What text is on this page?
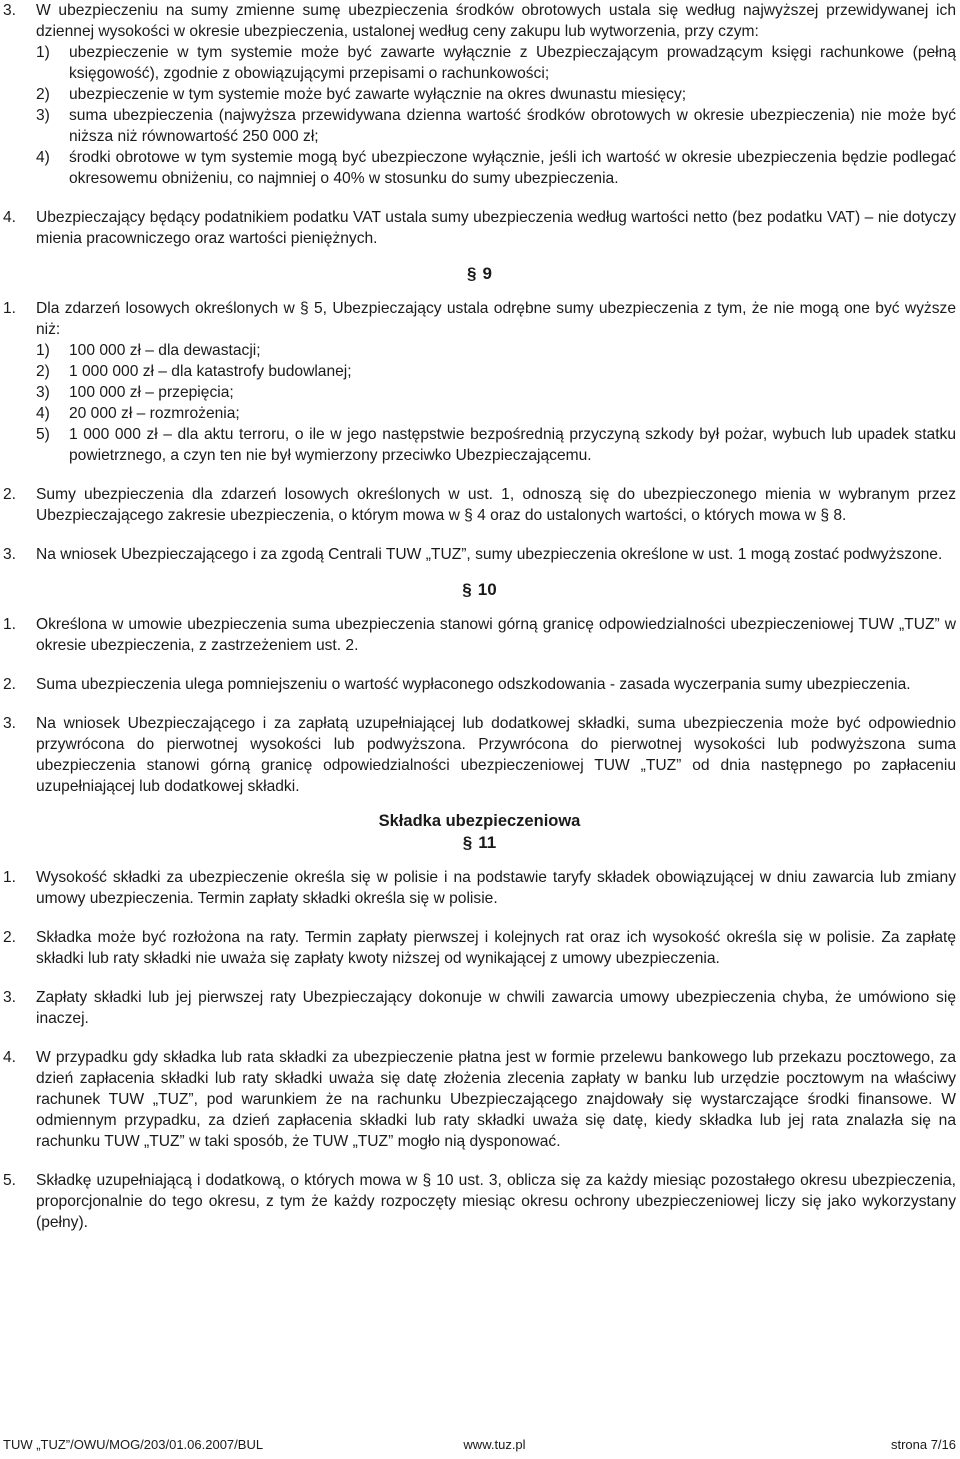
3.	W ubezpieczeniu na sumy zmienne sumę ubezpieczenia środków obrotowych ustala się według najwyższej przewidywanej ich dziennej wysokości w okresie ubezpieczenia, ustalonej według ceny zakupu lub wytworzenia, przy czym:
1)	ubezpieczenie w tym systemie może być zawarte wyłącznie z Ubezpieczającym prowadzącym księgi rachunkowe (pełną księgowość), zgodnie z obowiązującymi przepisami o rachunkowości;
2)	ubezpieczenie w tym systemie może być zawarte wyłącznie na okres dwunastu miesięcy;
3)	suma ubezpieczenia (najwyższa przewidywana dzienna wartość środków obrotowych w okresie ubezpieczenia) nie może być niższa niż równowartość 250 000 zł;
4)	środki obrotowe w tym systemie mogą być ubezpieczone wyłącznie, jeśli ich wartość w okresie ubezpieczenia będzie podlegać okresowemu obniżeniu, co najmniej o 40% w stosunku do sumy ubezpieczenia.
4.	Ubezpieczający będący podatnikiem podatku VAT ustala sumy ubezpieczenia według wartości netto (bez podatku VAT) – nie dotyczy mienia pracowniczego oraz wartości pieniężnych.
§ 9
1.	Dla zdarzeń losowych określonych w § 5, Ubezpieczający ustala odrębne sumy ubezpieczenia z tym, że nie mogą one być wyższe niż:
1)	100 000 zł – dla dewastacji;
2)	1 000 000 zł – dla katastrofy budowlanej;
3)	100 000 zł – przepięcia;
4)	20 000 zł – rozmrożenia;
5)	1 000 000 zł – dla aktu terroru, o ile w jego następstwie bezpośrednią przyczyną szkody był pożar, wybuch lub upadek statku powietrznego, a czyn ten nie był wymierzony przeciwko Ubezpieczającemu.
2.	Sumy ubezpieczenia dla zdarzeń losowych określonych w ust. 1, odnoszą się do ubezpieczonego mienia w wybranym przez Ubezpieczającego zakresie ubezpieczenia, o którym mowa w § 4 oraz do ustalonych wartości, o których mowa w § 8.
3.	Na wniosek Ubezpieczającego i za zgodą Centrali TUW „TUZ”, sumy ubezpieczenia określone w ust. 1 mogą zostać podwyższone.
§ 10
1.	Określona w umowie ubezpieczenia suma ubezpieczenia stanowi górną granicę odpowiedzialności ubezpieczeniowej TUW „TUZ” w okresie ubezpieczenia, z zastrzeżeniem ust. 2.
2.	Suma ubezpieczenia ulega pomniejszeniu o wartość wypłaconego odszkodowania - zasada wyczerpania sumy ubezpieczenia.
3.	Na wniosek Ubezpieczającego i za zapłatą uzupełniającej lub dodatkowej składki, suma ubezpieczenia może być odpowiednio przywrócona do pierwotnej wysokości lub podwyższona. Przywrócona do pierwotnej wysokości lub podwyższona suma ubezpieczenia stanowi górną granicę odpowiedzialności ubezpieczeniowej TUW „TUZ” od dnia następnego po zapłaceniu uzupełniającej lub dodatkowej składki.
Składka ubezpieczeniowa
§ 11
1.	Wysokość składki za ubezpieczenie określa się w polisie i na podstawie taryfy składek obowiązującej w dniu zawarcia lub zmiany umowy ubezpieczenia. Termin zapłaty składki określa się w polisie.
2.	Składka może być rozłożona na raty. Termin zapłaty pierwszej i kolejnych rat oraz ich wysokość określa się w polisie. Za zapłatę składki lub raty składki nie uważa się zapłaty kwoty niższej od wynikającej z umowy ubezpieczenia.
3.	Zapłaty składki lub jej pierwszej raty Ubezpieczający dokonuje w chwili zawarcia umowy ubezpieczenia chyba, że umówiono się inaczej.
4.	W przypadku gdy składka lub rata składki za ubezpieczenie płatna jest w formie przelewu bankowego lub przekazu pocztowego, za dzień zapłacenia składki lub raty składki uważa się datę złożenia zlecenia zapłaty w banku lub urzędzie pocztowym na właściwy rachunek TUW „TUZ”, pod warunkiem że na rachunku Ubezpieczającego znajdowały się wystarczające środki finansowe. W odmiennym przypadku, za dzień zapłacenia składki lub raty składki uważa się datę, kiedy składka lub jej rata znalazła się na rachunku TUW „TUZ” w taki sposób, że TUW „TUZ” mogło nią dysponować.
5.	Składkę uzupełniającą i dodatkową, o których mowa w § 10 ust. 3, oblicza się za każdy miesiąc pozostałego okresu ubezpieczenia, proporcjonalnie do tego okresu, z tym że każdy rozpoczęty miesiąc okresu ochrony ubezpieczeniowej liczy się jako wykorzystany (pełny).
TUW „TUZ”/OWU/MOG/203/01.06.2007/BUL	www.tuz.pl	strona 7/16
